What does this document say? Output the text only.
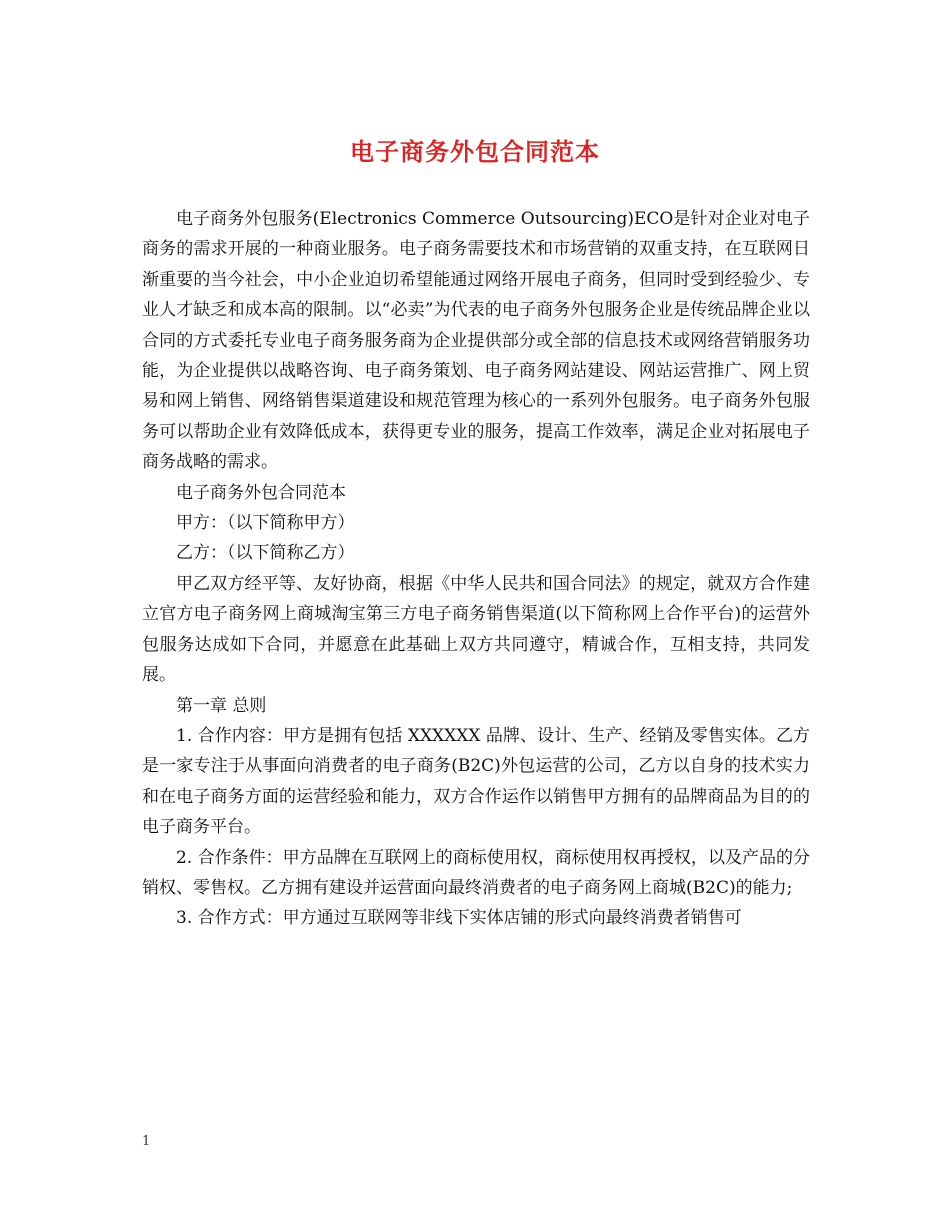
电子商务外包合同范本

电子商务外包服务(Electronics Commerce Outsourcing)ECO是针对企业对电子商务的需求开展的一种商业服务。电子商务需要技术和市场营销的双重支持，在互联网日渐重要的当今社会，中小企业迫切希望能通过网络开展电子商务，但同时受到经验少、专业人才缺乏和成本高的限制。以“必卖”为代表的电子商务外包服务企业是传统品牌企业以合同的方式委托专业电子商务服务商为企业提供部分或全部的信息技术或网络营销服务功能，为企业提供以战略咨询、电子商务策划、电子商务网站建设、网站运营推广、网上贸易和网上销售、网络销售渠道建设和规范管理为核心的一系列外包服务。电子商务外包服务可以帮助企业有效降低成本，获得更专业的服务，提高工作效率，满足企业对拓展电子商务战略的需求。

电子商务外包合同范本

甲方：（以下简称甲方）

乙方：（以下简称乙方）

甲乙双方经平等、友好协商，根据《中华人民共和国合同法》的规定，就双方合作建立官方电子商务网上商城淘宝第三方电子商务销售渠道(以下简称网上合作平台)的运营外包服务达成如下合同，并愿意在此基础上双方共同遵守，精诚合作，互相支持，共同发展。

第一章 总则

1. 合作内容：甲方是拥有包括 XXXXXX 品牌、设计、生产、经销及零售实体。乙方是一家专注于从事面向消费者的电子商务(B2C)外包运营的公司，乙方以自身的技术实力和在电子商务方面的运营经验和能力，双方合作运作以销售甲方拥有的品牌商品为目的的电子商务平台。

2. 合作条件：甲方品牌在互联网上的商标使用权，商标使用权再授权，以及产品的分销权、零售权。乙方拥有建设并运营面向最终消费者的电子商务网上商城(B2C)的能力;

3. 合作方式：甲方通过互联网等非线下实体店铺的形式向最终消费者销售可

1
